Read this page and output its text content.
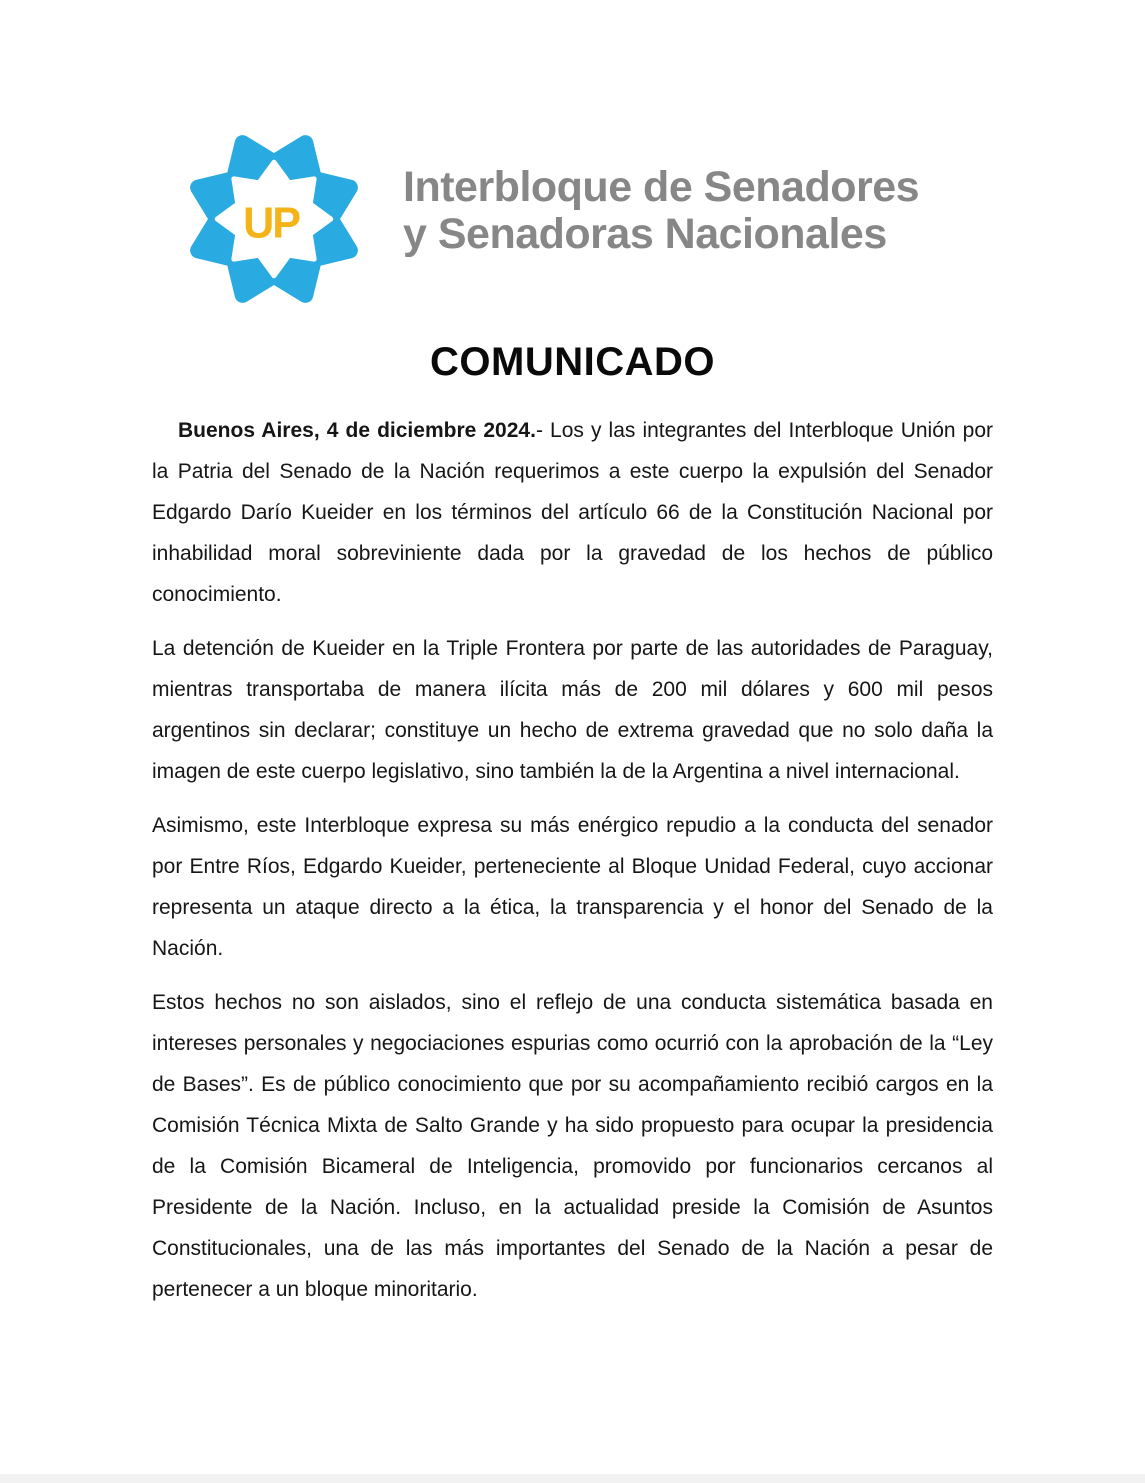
UP
Interbloque de Senadores
y Senadoras Nacionales
COMUNICADO

Buenos Aires, 4 de diciembre 2024.- Los y las integrantes del Interbloque Unión por la Patria del Senado de la Nación requerimos a este cuerpo la expulsión del Senador Edgardo Darío Kueider en los términos del artículo 66 de la Constitución Nacional por inhabilidad moral sobreviniente dada por la gravedad de los hechos de público conocimiento.

La detención de Kueider en la Triple Frontera por parte de las autoridades de Paraguay, mientras transportaba de manera ilícita más de 200 mil dólares y 600 mil pesos argentinos sin declarar; constituye un hecho de extrema gravedad que no solo daña la imagen de este cuerpo legislativo, sino también la de la Argentina a nivel internacional.

Asimismo, este Interbloque expresa su más enérgico repudio a la conducta del senador por Entre Ríos, Edgardo Kueider, perteneciente al Bloque Unidad Federal, cuyo accionar representa un ataque directo a la ética, la transparencia y el honor del Senado de la Nación.

Estos hechos no son aislados, sino el reflejo de una conducta sistemática basada en intereses personales y negociaciones espurias como ocurrió con la aprobación de la “Ley de Bases”. Es de público conocimiento que por su acompañamiento recibió cargos en la Comisión Técnica Mixta de Salto Grande y ha sido propuesto para ocupar la presidencia de la Comisión Bicameral de Inteligencia, promovido por funcionarios cercanos al Presidente de la Nación. Incluso, en la actualidad preside la Comisión de Asuntos Constitucionales, una de las más importantes del Senado de la Nación a pesar de pertenecer a un bloque minoritario.
